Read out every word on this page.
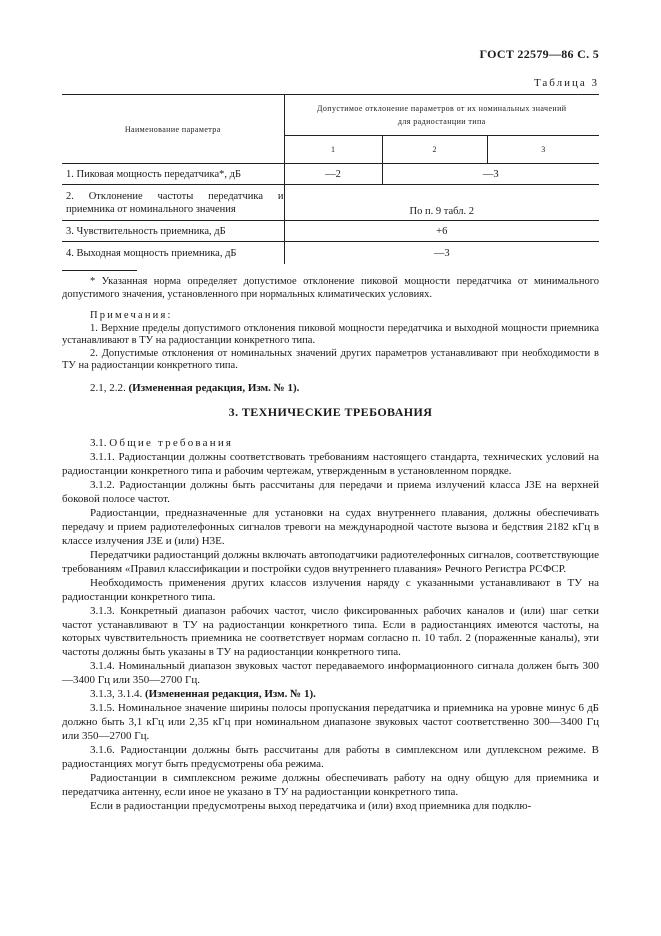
ГОСТ 22579—86 С. 5
Таблица 3
Наименование параметра	Допустимое отклонение параметров от их номинальных значений
для радиостанции типа		
	1	2	3
1. Пиковая мощность передатчика*, дБ	—2	—3	
2. Отклонение частоты передатчика и приемника от номинального значения	По п. 9 табл. 2		
3. Чувствительность приемника, дБ	+6		
4. Выходная мощность приемника, дБ	—3		

* Указанная норма определяет допустимое отклонение пиковой мощности передатчика от минимального допустимого значения, установленного при нормальных климатических условиях.

Примечания:

1. Верхние пределы допустимого отклонения пиковой мощности передатчика и выходной мощности приемника устанавливают в ТУ на радиостанции конкретного типа.

2. Допустимые отклонения от номинальных значений других параметров устанавливают при необходимости в ТУ на радиостанции конкретного типа.

2.1, 2.2. (Измененная редакция, Изм. № 1).

3. ТЕХНИЧЕСКИЕ ТРЕБОВАНИЯ

3.1. Общие требования

3.1.1. Радиостанции должны соответствовать требованиям настоящего стандарта, технических условий на радиостанции конкретного типа и рабочим чертежам, утвержденным в установленном порядке.

3.1.2. Радиостанции должны быть рассчитаны для передачи и приема излучений класса J3E на верхней боковой полосе частот.

Радиостанции, предназначенные для установки на судах внутреннего плавания, должны обеспечивать передачу и прием радиотелефонных сигналов тревоги на международной частоте вызова и бедствия 2182 кГц в классе излучения J3E и (или) H3E.

Передатчики радиостанций должны включать автоподатчики радиотелефонных сигналов, соответствующие требованиям «Правил классификации и постройки судов внутреннего плавания» Речного Регистра РСФСР.

Необходимость применения других классов излучения наряду с указанными устанавливают в ТУ на радиостанции конкретного типа.

3.1.3. Конкретный диапазон рабочих частот, число фиксированных рабочих каналов и (или) шаг сетки частот устанавливают в ТУ на радиостанции конкретного типа. Если в радиостанциях имеются частоты, на которых чувствительность приемника не соответствует нормам согласно п. 10 табл. 2 (пораженные каналы), эти частоты должны быть указаны в ТУ на радиостанции конкретного типа.

3.1.4. Номинальный диапазон звуковых частот передаваемого информационного сигнала должен быть 300—3400 Гц или 350—2700 Гц.

3.1.3, 3.1.4. (Измененная редакция, Изм. № 1).

3.1.5. Номинальное значение ширины полосы пропускания передатчика и приемника на уровне минус 6 дБ должно быть 3,1 кГц или 2,35 кГц при номинальном диапазоне звуковых частот соответственно 300—3400 Гц или 350—2700 Гц.

3.1.6. Радиостанции должны быть рассчитаны для работы в симплексном или дуплексном режиме. В радиостанциях могут быть предусмотрены оба режима.

Радиостанции в симплексном режиме должны обеспечивать работу на одну общую для приемника и передатчика антенну, если иное не указано в ТУ на радиостанции конкретного типа.

Если в радиостанции предусмотрены выход передатчика и (или) вход приемника для подклю-
